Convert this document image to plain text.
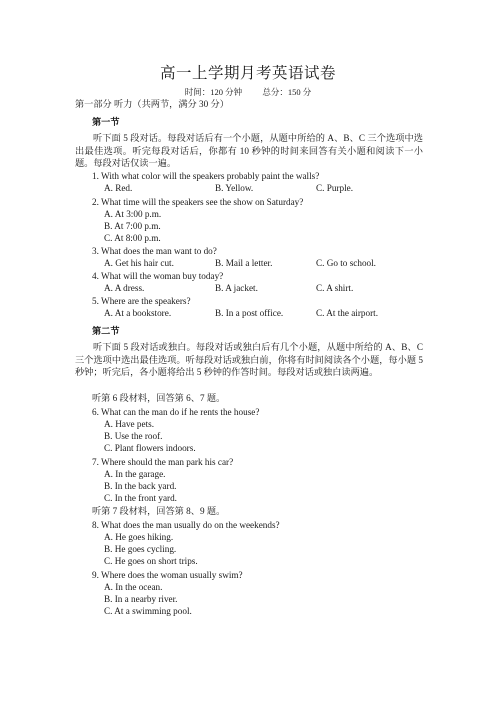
高一上学期月考英语试卷
时间：120 分钟 总分：150 分
第一部分 听力（共两节，满分 30 分）
第一节
听下面 5 段对话。每段对话后有一个小题，从题中所给的 A、B、C 三个选项中选出最佳选项。听完每段对话后，你都有 10 秒钟的时间来回答有关小题和阅读下一小题。每段对话仅读一遍。
1. With what color will the speakers probably paint the walls?
A. Red.	B. Yellow.	C. Purple.
2. What time will the speakers see the show on Saturday?
A. At 3:00 p.m.
B. At 7:00 p.m.
C. At 8:00 p.m.
3. What does the man want to do?
A. Get his hair cut.	B. Mail a letter.	C. Go to school.
4. What will the woman buy today?
A. A dress.	B. A jacket.	C. A shirt.
5. Where are the speakers?
A. At a bookstore.	B. In a post office.	C. At the airport.
第二节
听下面 5 段对话或独白。每段对话或独白后有几个小题，从题中所给的 A、B、C 三个选项中选出最佳选项。听每段对话或独白前，你将有时间阅读各个小题，每小题 5 秒钟；听完后，各小题将给出 5 秒钟的作答时间。每段对话或独白读两遍。
听第 6 段材料，回答第 6、7 题。
6. What can the man do if he rents the house?
A. Have pets.
B. Use the roof.
C. Plant flowers indoors.
7. Where should the man park his car?
A. In the garage.
B. In the back yard.
C. In the front yard.
听第 7 段材料，回答第 8、9 题。
8. What does the man usually do on the weekends?
A. He goes hiking.
B. He goes cycling.
C. He goes on short trips.
9. Where does the woman usually swim?
A. In the ocean.
B. In a nearby river.
C. At a swimming pool.
